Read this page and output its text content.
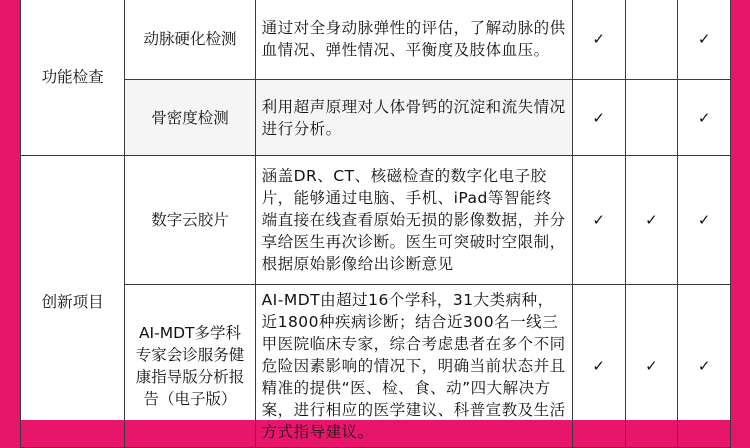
功能检查	动脉硬化检测	通过对全身动脉弹性的评估，了解动脉的供血情况、弹性情况、平衡度及肢体血压。	✓		✓
	骨密度检测	利用超声原理对人体骨钙的沉淀和流失情况进行分析。	✓		✓
创新项目	数字云胶片	涵盖DR、CT、核磁检查的数字化电子胶片，能够通过电脑、手机、iPad等智能终端直接在线查看原始无损的影像数据，并分享给医生再次诊断。医生可突破时空限制，根据原始影像给出诊断意见	✓	✓	✓
	AI-MDT多学科专家会诊服务健康指导版分析报告（电子版）	AI-MDT由超过16个学科，31大类病种，近1800种疾病诊断；结合近300名一线三甲医院临床专家，综合考虑患者在多个不同危险因素影响的情况下，明确当前状态并且精准的提供“医、检、食、动”四大解决方案，进行相应的医学建议、科普宣教及生活方式指导建议。	✓	✓	✓
